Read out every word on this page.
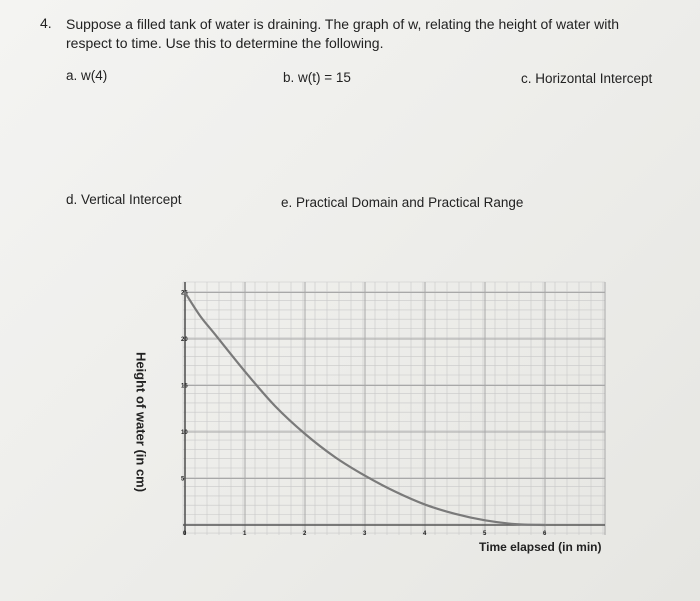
4. Suppose a filled tank of water is draining. The graph of w, relating the height of water with respect to time. Use this to determine the following.
a. w(4)	b. w(t) = 15	c. Horizontal Intercept
d. Vertical Intercept	e. Practical Domain and Practical Range
5
10
15
20
25
0	1	2	3	4	5	6
Height of water (in cm)
Time elapsed (in min)
